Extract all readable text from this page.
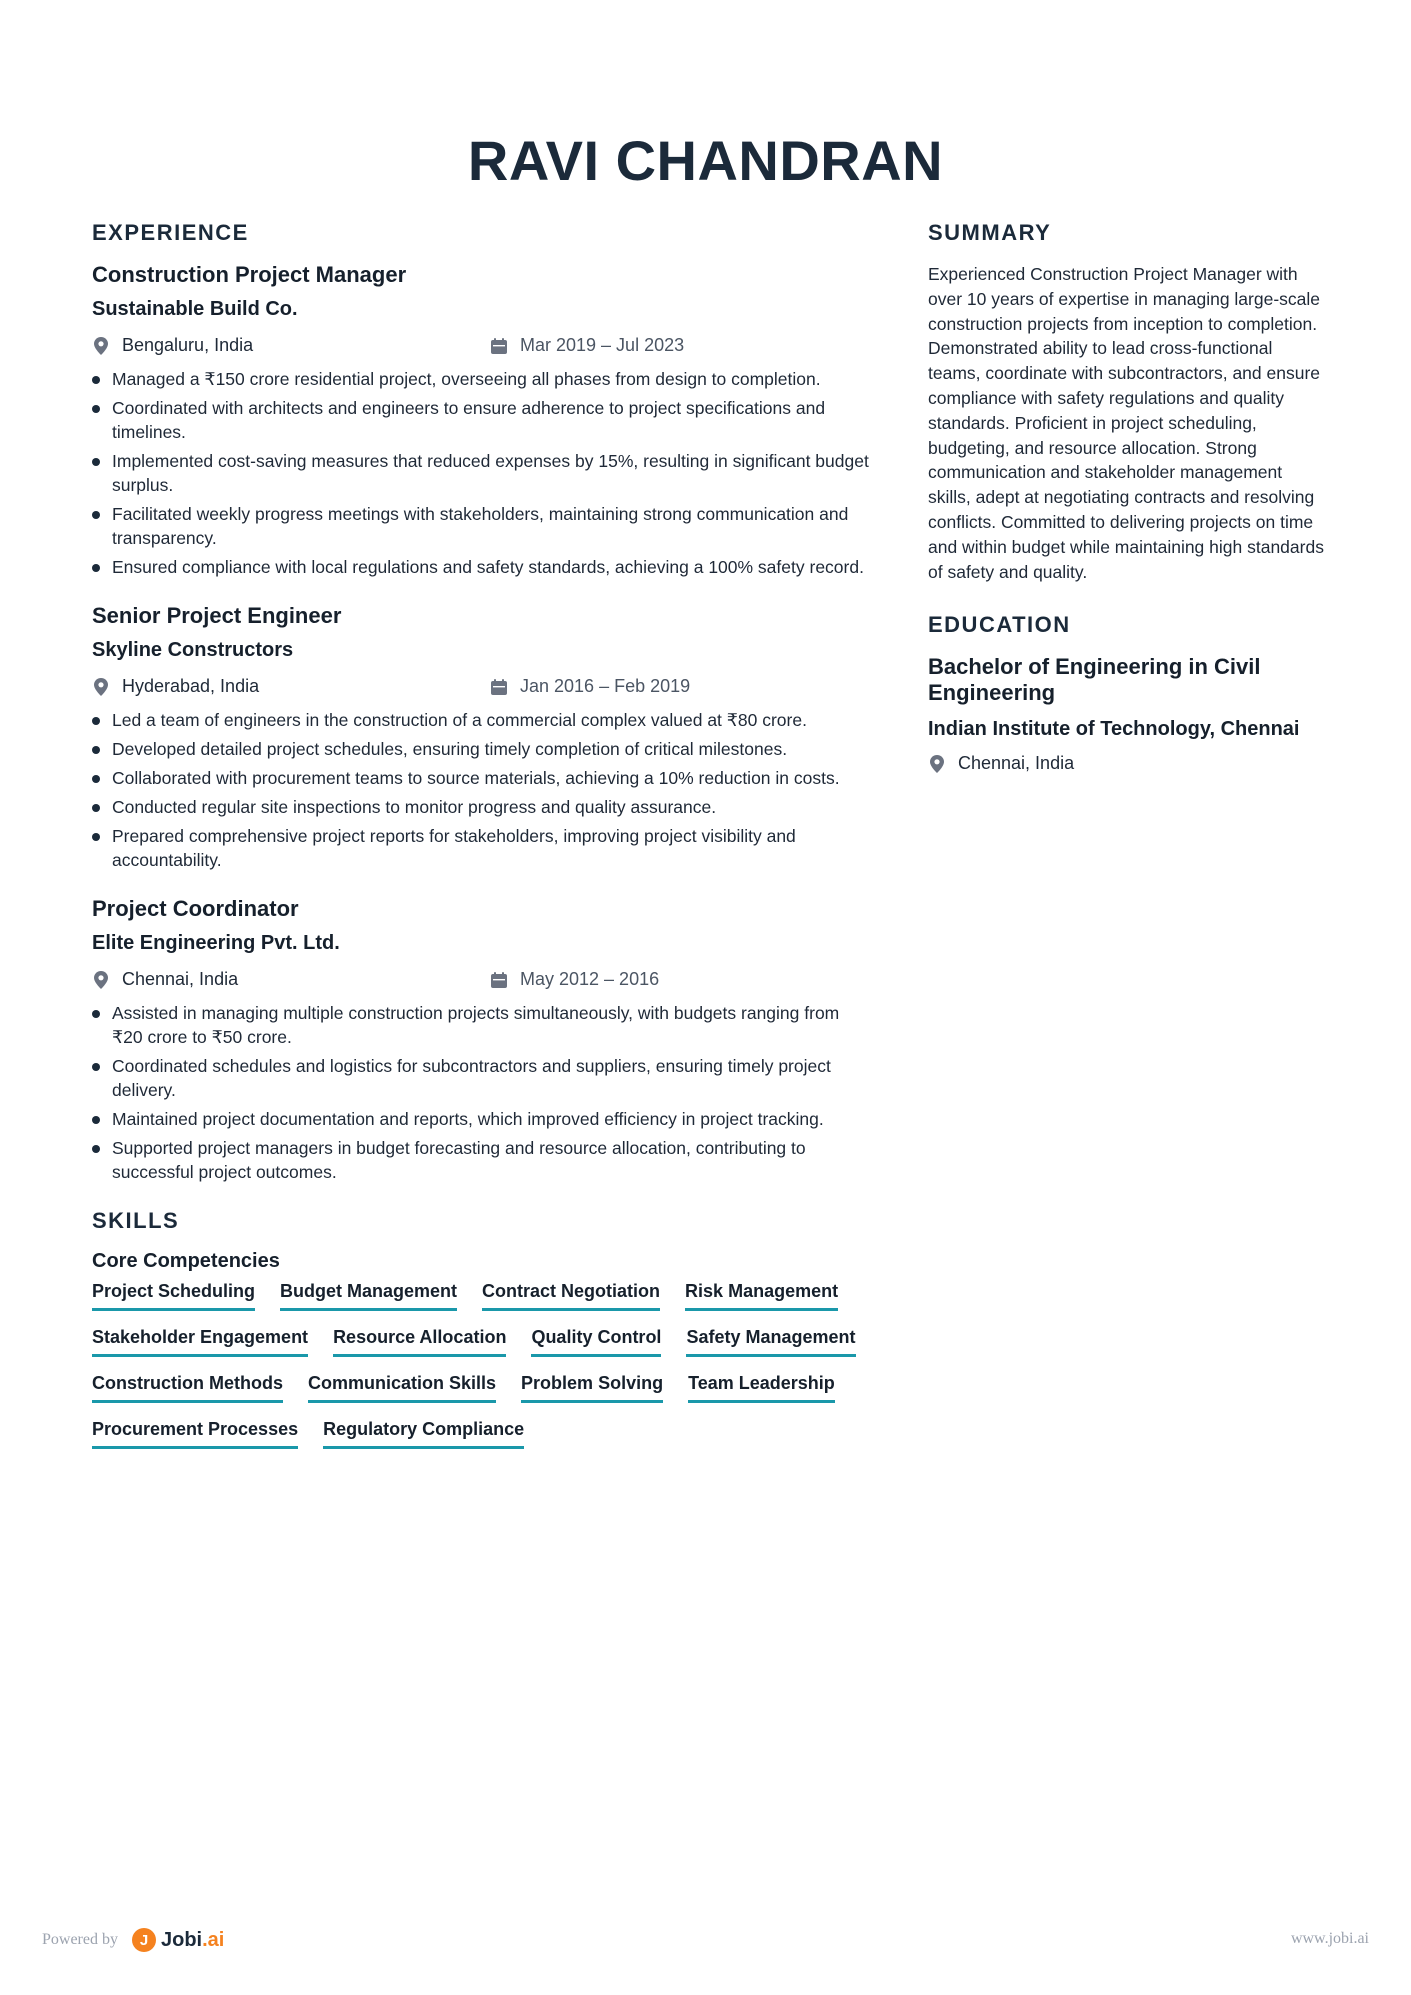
RAVI CHANDRAN
EXPERIENCE
Construction Project Manager
Sustainable Build Co.
Bengaluru, India	Mar 2019 – Jul 2023
Managed a ₹150 crore residential project, overseeing all phases from design to completion.
Coordinated with architects and engineers to ensure adherence to project specifications and timelines.
Implemented cost-saving measures that reduced expenses by 15%, resulting in significant budget surplus.
Facilitated weekly progress meetings with stakeholders, maintaining strong communication and transparency.
Ensured compliance with local regulations and safety standards, achieving a 100% safety record.
Senior Project Engineer
Skyline Constructors
Hyderabad, India	Jan 2016 – Feb 2019
Led a team of engineers in the construction of a commercial complex valued at ₹80 crore.
Developed detailed project schedules, ensuring timely completion of critical milestones.
Collaborated with procurement teams to source materials, achieving a 10% reduction in costs.
Conducted regular site inspections to monitor progress and quality assurance.
Prepared comprehensive project reports for stakeholders, improving project visibility and accountability.
Project Coordinator
Elite Engineering Pvt. Ltd.
Chennai, India	May 2012 – 2016
Assisted in managing multiple construction projects simultaneously, with budgets ranging from ₹20 crore to ₹50 crore.
Coordinated schedules and logistics for subcontractors and suppliers, ensuring timely project delivery.
Maintained project documentation and reports, which improved efficiency in project tracking.
Supported project managers in budget forecasting and resource allocation, contributing to successful project outcomes.
SKILLS
Core Competencies
Project Scheduling Budget Management Contract Negotiation Risk Management
Stakeholder Engagement Resource Allocation Quality Control Safety Management
Construction Methods Communication Skills Problem Solving Team Leadership
Procurement Processes Regulatory Compliance
SUMMARY

Experienced Construction Project Manager with over 10 years of expertise in managing large-scale construction projects from inception to completion. Demonstrated ability to lead cross-functional teams, coordinate with subcontractors, and ensure compliance with safety regulations and quality standards. Proficient in project scheduling, budgeting, and resource allocation. Strong communication and stakeholder management skills, adept at negotiating contracts and resolving conflicts. Committed to delivering projects on time and within budget while maintaining high standards of safety and quality.

EDUCATION
Bachelor of Engineering in Civil Engineering
Indian Institute of Technology, Chennai
Chennai, India
Powered by	J Jobi.ai	www.jobi.ai
